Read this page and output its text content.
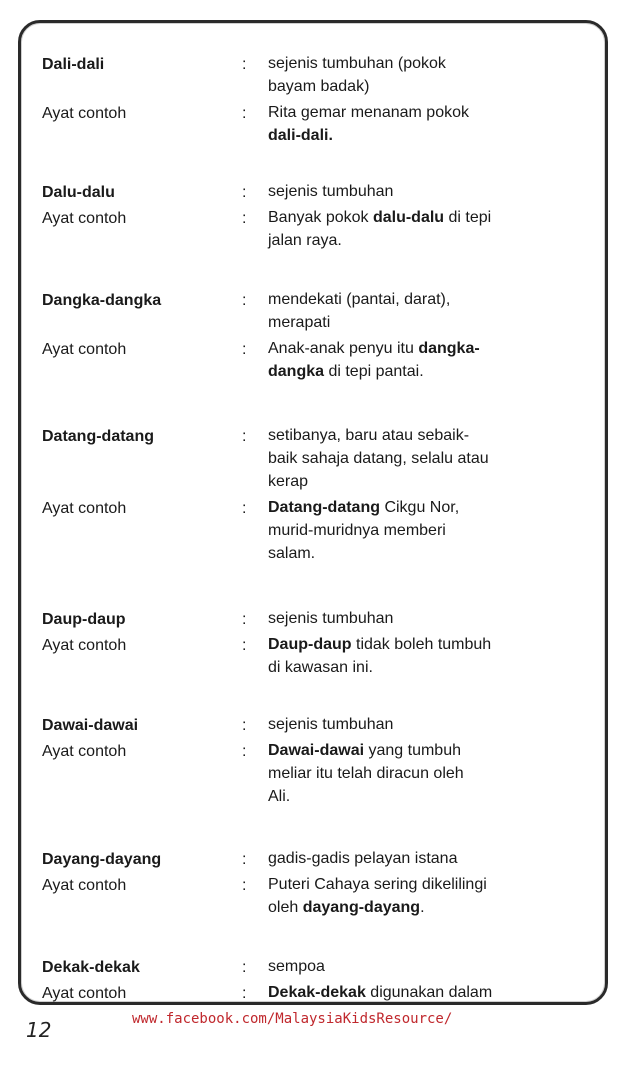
Dali-dali	: sejenis tumbuhan (pokok
bayam badak)
Ayat contoh	: Rita gemar menanam pokok
dali-dali.
Dalu-dalu	: sejenis tumbuhan
Ayat contoh	: Banyak pokok dalu-dalu di tepi
jalan raya.
Dangka-dangka	: mendekati (pantai, darat),
merapati
Ayat contoh	: Anak-anak penyu itu dangka-
dangka di tepi pantai.
Datang-datang	: setibanya, baru atau sebaik-
baik sahaja datang, selalu atau
kerap
Ayat contoh	: Datang-datang Cikgu Nor,
murid-muridnya memberi
salam.
Daup-daup	: sejenis tumbuhan
Ayat contoh	: Daup-daup tidak boleh tumbuh
di kawasan ini.
Dawai-dawai	: sejenis tumbuhan
Ayat contoh	: Dawai-dawai yang tumbuh
meliar itu telah diracun oleh
Ali.
Dayang-dayang	: gadis-gadis pelayan istana
Ayat contoh	: Puteri Cahaya sering dikelilingi
oleh dayang-dayang.
Dekak-dekak	: sempoa
Ayat contoh	: Dekak-dekak digunakan dalam
12	www.facebook.com/MalaysiaKidsResource/
